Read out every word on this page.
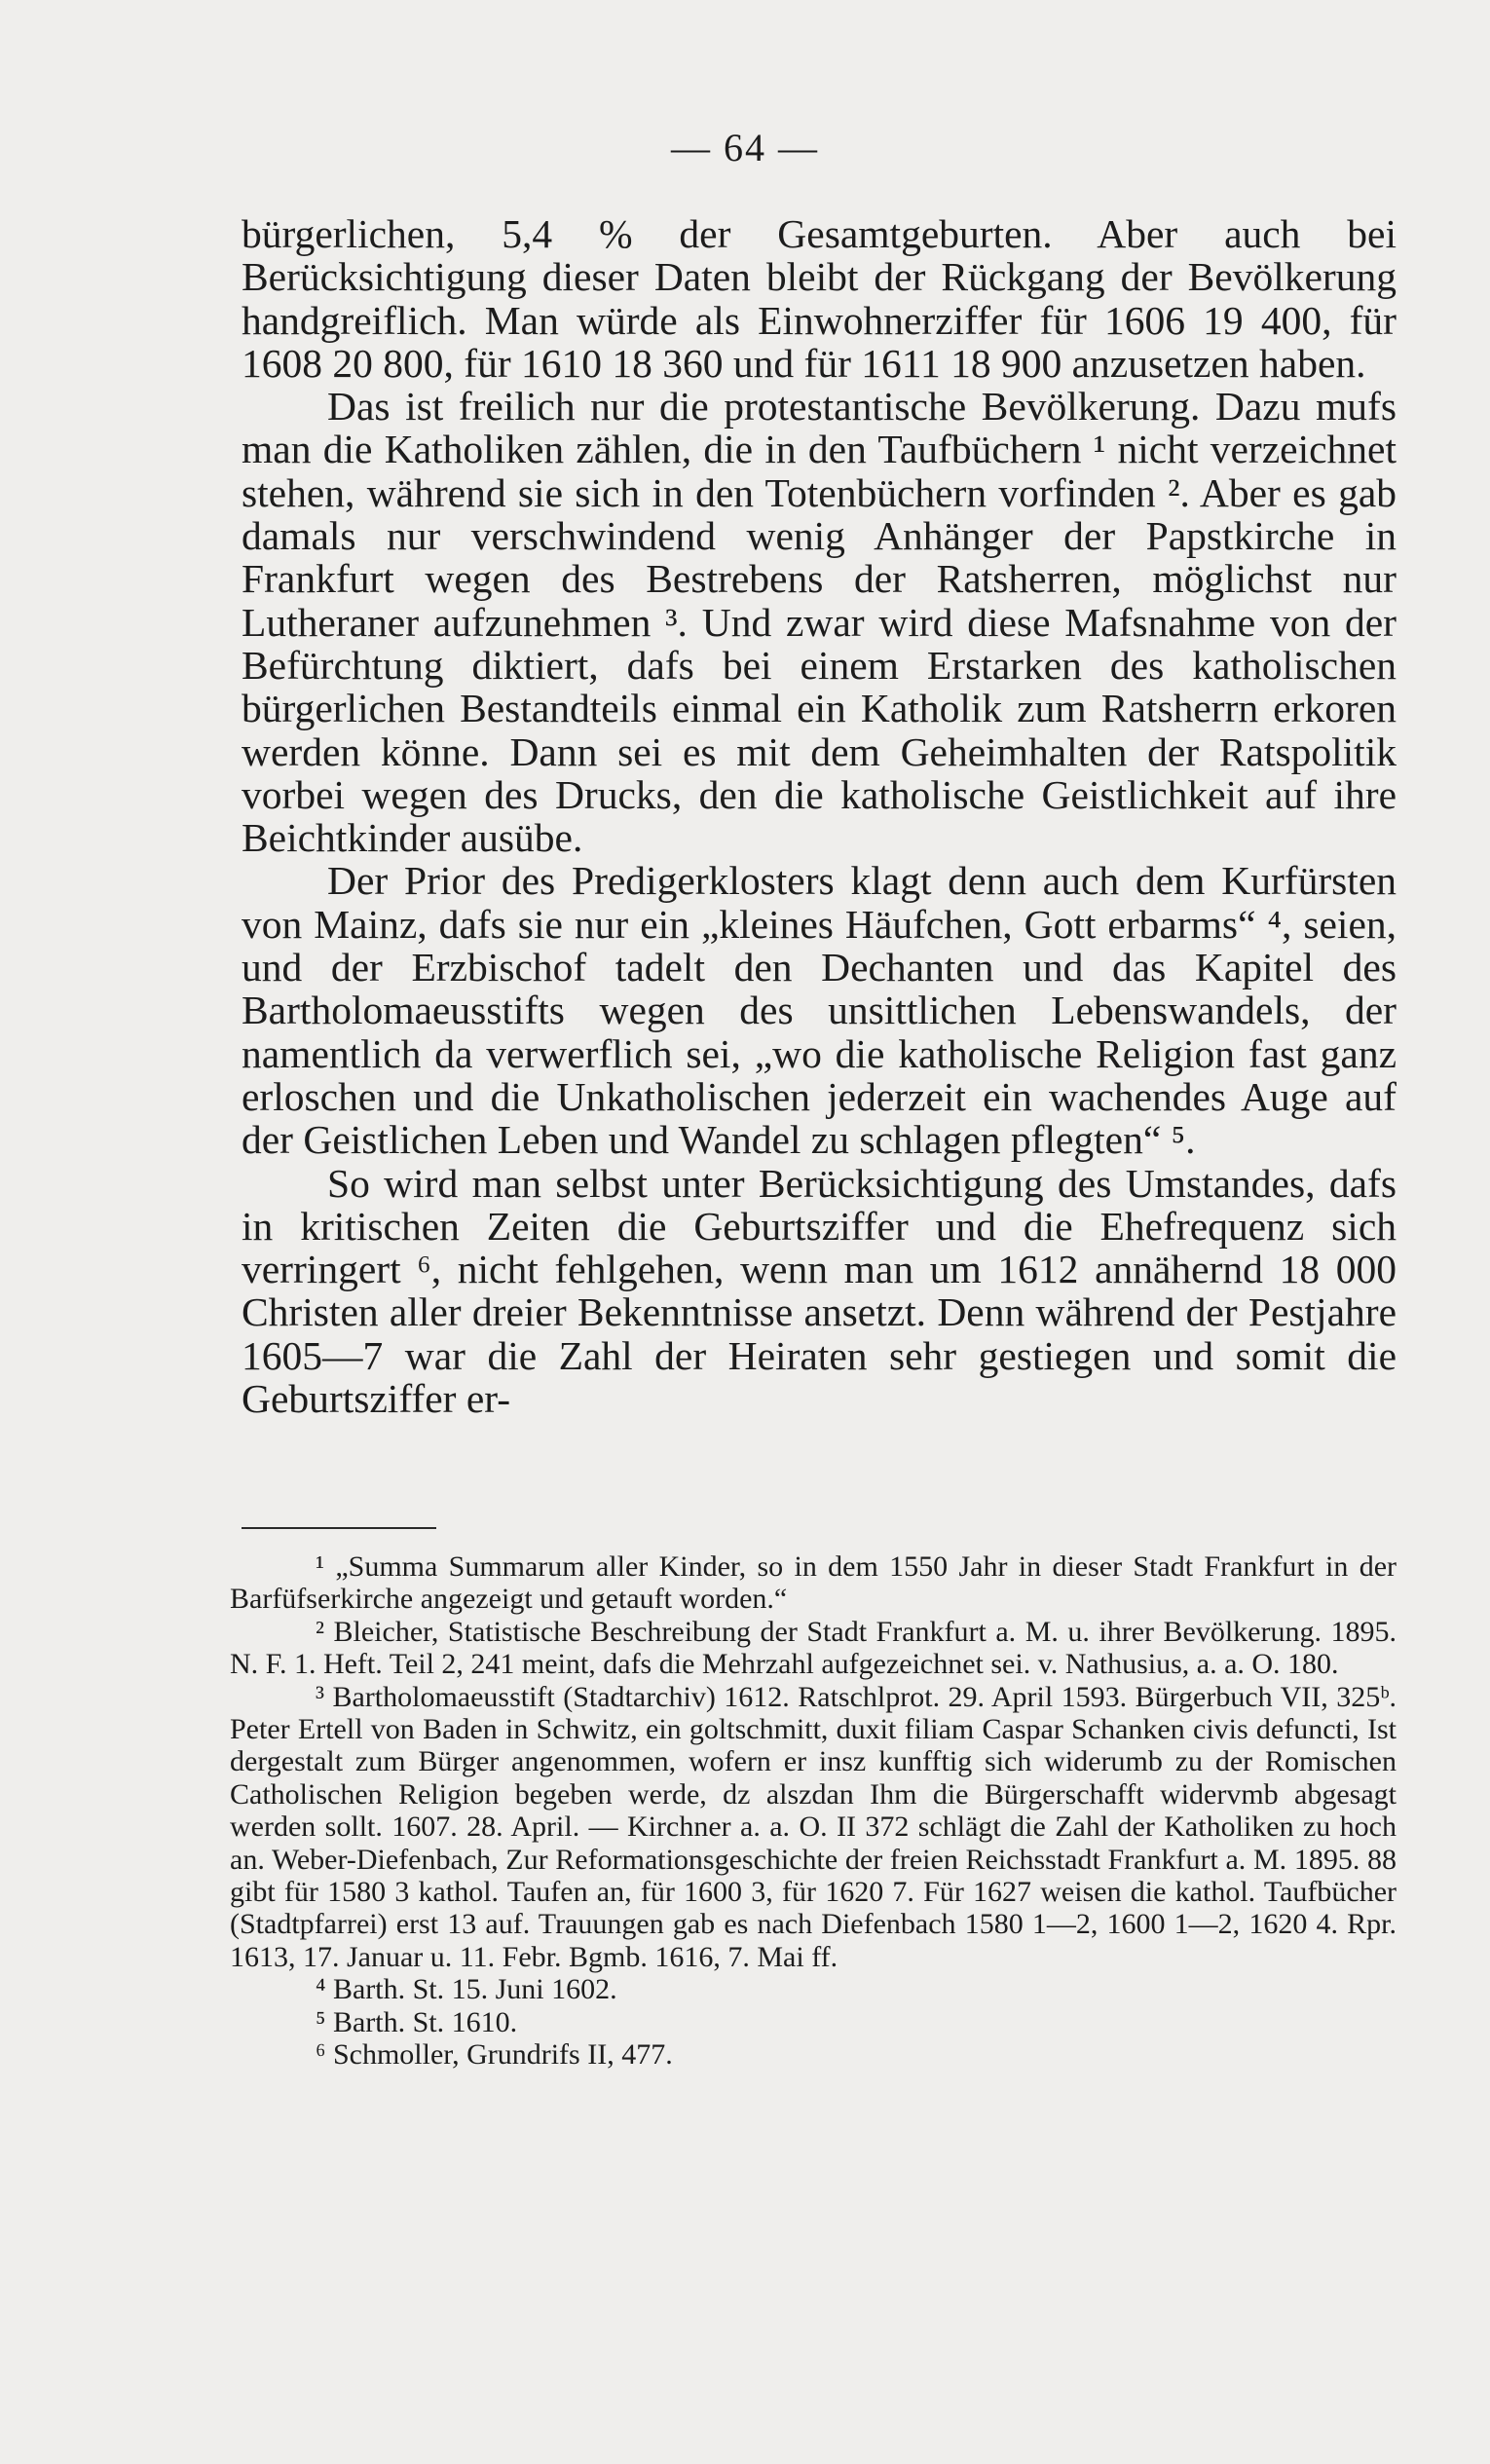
— 64 —

bürgerlichen, 5,4 % der Gesamtgeburten. Aber auch bei Berücksichtigung dieser Daten bleibt der Rückgang der Bevölkerung handgreiflich. Man würde als Einwohnerziffer für 1606 19 400, für 1608 20 800, für 1610 18 360 und für 1611 18 900 anzusetzen haben.

Das ist freilich nur die protestantische Bevölkerung. Dazu mufs man die Katholiken zählen, die in den Taufbüchern ¹ nicht verzeichnet stehen, während sie sich in den Totenbüchern vorfinden ². Aber es gab damals nur verschwindend wenig Anhänger der Papstkirche in Frankfurt wegen des Bestrebens der Ratsherren, möglichst nur Lutheraner aufzunehmen ³. Und zwar wird diese Mafsnahme von der Befürchtung diktiert, dafs bei einem Erstarken des katholischen bürgerlichen Bestandteils einmal ein Katholik zum Ratsherrn erkoren werden könne. Dann sei es mit dem Geheimhalten der Ratspolitik vorbei wegen des Drucks, den die katholische Geistlichkeit auf ihre Beichtkinder ausübe.

Der Prior des Predigerklosters klagt denn auch dem Kurfürsten von Mainz, dafs sie nur ein „kleines Häufchen, Gott erbarms“ ⁴, seien, und der Erzbischof tadelt den Dechanten und das Kapitel des Bartholomaeusstifts wegen des unsittlichen Lebenswandels, der namentlich da verwerflich sei, „wo die katholische Religion fast ganz erloschen und die Unkatholischen jederzeit ein wachendes Auge auf der Geistlichen Leben und Wandel zu schlagen pflegten“ ⁵.

So wird man selbst unter Berücksichtigung des Umstandes, dafs in kritischen Zeiten die Geburtsziffer und die Ehefrequenz sich verringert ⁶, nicht fehlgehen, wenn man um 1612 annähernd 18 000 Christen aller dreier Bekenntnisse ansetzt. Denn während der Pestjahre 1605—7 war die Zahl der Heiraten sehr gestiegen und somit die Geburtsziffer er-

¹ „Summa Summarum aller Kinder, so in dem 1550 Jahr in dieser Stadt Frankfurt in der Barfüfserkirche angezeigt und getauft worden.“

² Bleicher, Statistische Beschreibung der Stadt Frankfurt a. M. u. ihrer Bevölkerung. 1895. N. F. 1. Heft. Teil 2, 241 meint, dafs die Mehrzahl aufgezeichnet sei. v. Nathusius, a. a. O. 180.

³ Bartholomaeusstift (Stadtarchiv) 1612. Ratschlprot. 29. April 1593. Bürgerbuch VII, 325ᵇ. Peter Ertell von Baden in Schwitz, ein goltschmitt, duxit filiam Caspar Schanken civis defuncti, Ist dergestalt zum Bürger angenommen, wofern er insz kunfftig sich widerumb zu der Romischen Catholischen Religion begeben werde, dz alszdan Ihm die Bürgerschafft widervmb abgesagt werden sollt. 1607. 28. April. — Kirchner a. a. O. II 372 schlägt die Zahl der Katholiken zu hoch an. Weber-Diefenbach, Zur Reformationsgeschichte der freien Reichsstadt Frankfurt a. M. 1895. 88 gibt für 1580 3 kathol. Taufen an, für 1600 3, für 1620 7. Für 1627 weisen die kathol. Taufbücher (Stadtpfarrei) erst 13 auf. Trauungen gab es nach Diefenbach 1580 1—2, 1600 1—2, 1620 4. Rpr. 1613, 17. Januar u. 11. Febr. Bgmb. 1616, 7. Mai ff.

⁴ Barth. St. 15. Juni 1602.

⁵ Barth. St. 1610.

⁶ Schmoller, Grundrifs II, 477.
